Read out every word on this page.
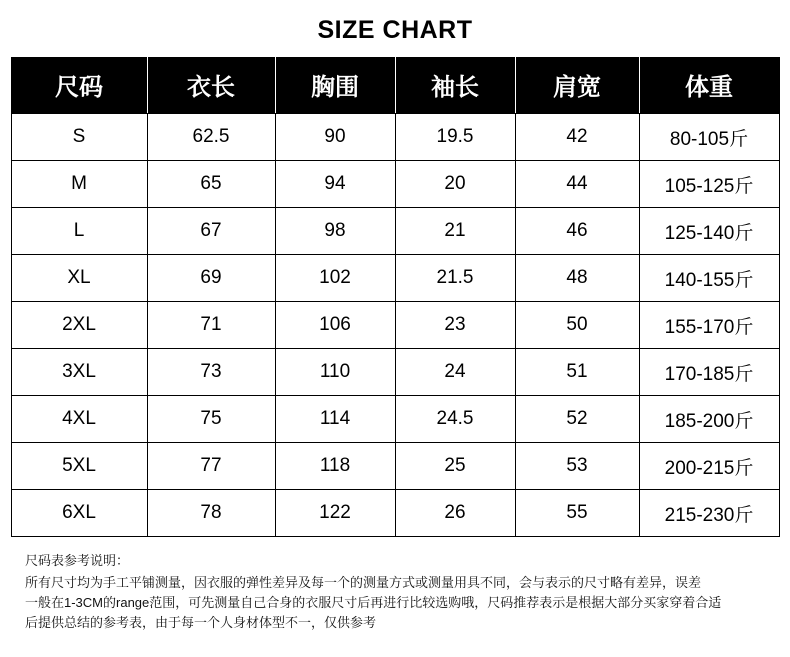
SIZE CHART
尺码	衣长	胸围	袖长	肩宽	体重
S	62.5	90	19.5	42	80-105斤
M	65	94	20	44	105-125斤
L	67	98	21	46	125-140斤
XL	69	102	21.5	48	140-155斤
2XL	71	106	23	50	155-170斤
3XL	73	110	24	51	170-185斤
4XL	75	114	24.5	52	185-200斤
5XL	77	118	25	53	200-215斤
6XL	78	122	26	55	215-230斤
尺码表参考说明：
所有尺寸均为手工平铺测量，因衣服的弹性差异及每一个的测量方式或测量用具不同，会与表示的尺寸略有差异，误差
一般在1-3CM的range范围，可先测量自己合身的衣服尺寸后再进行比较选购哦，尺码推荐表示是根据大部分买家穿着合适
后提供总结的参考表，由于每一个人身材体型不一，仅供参考
